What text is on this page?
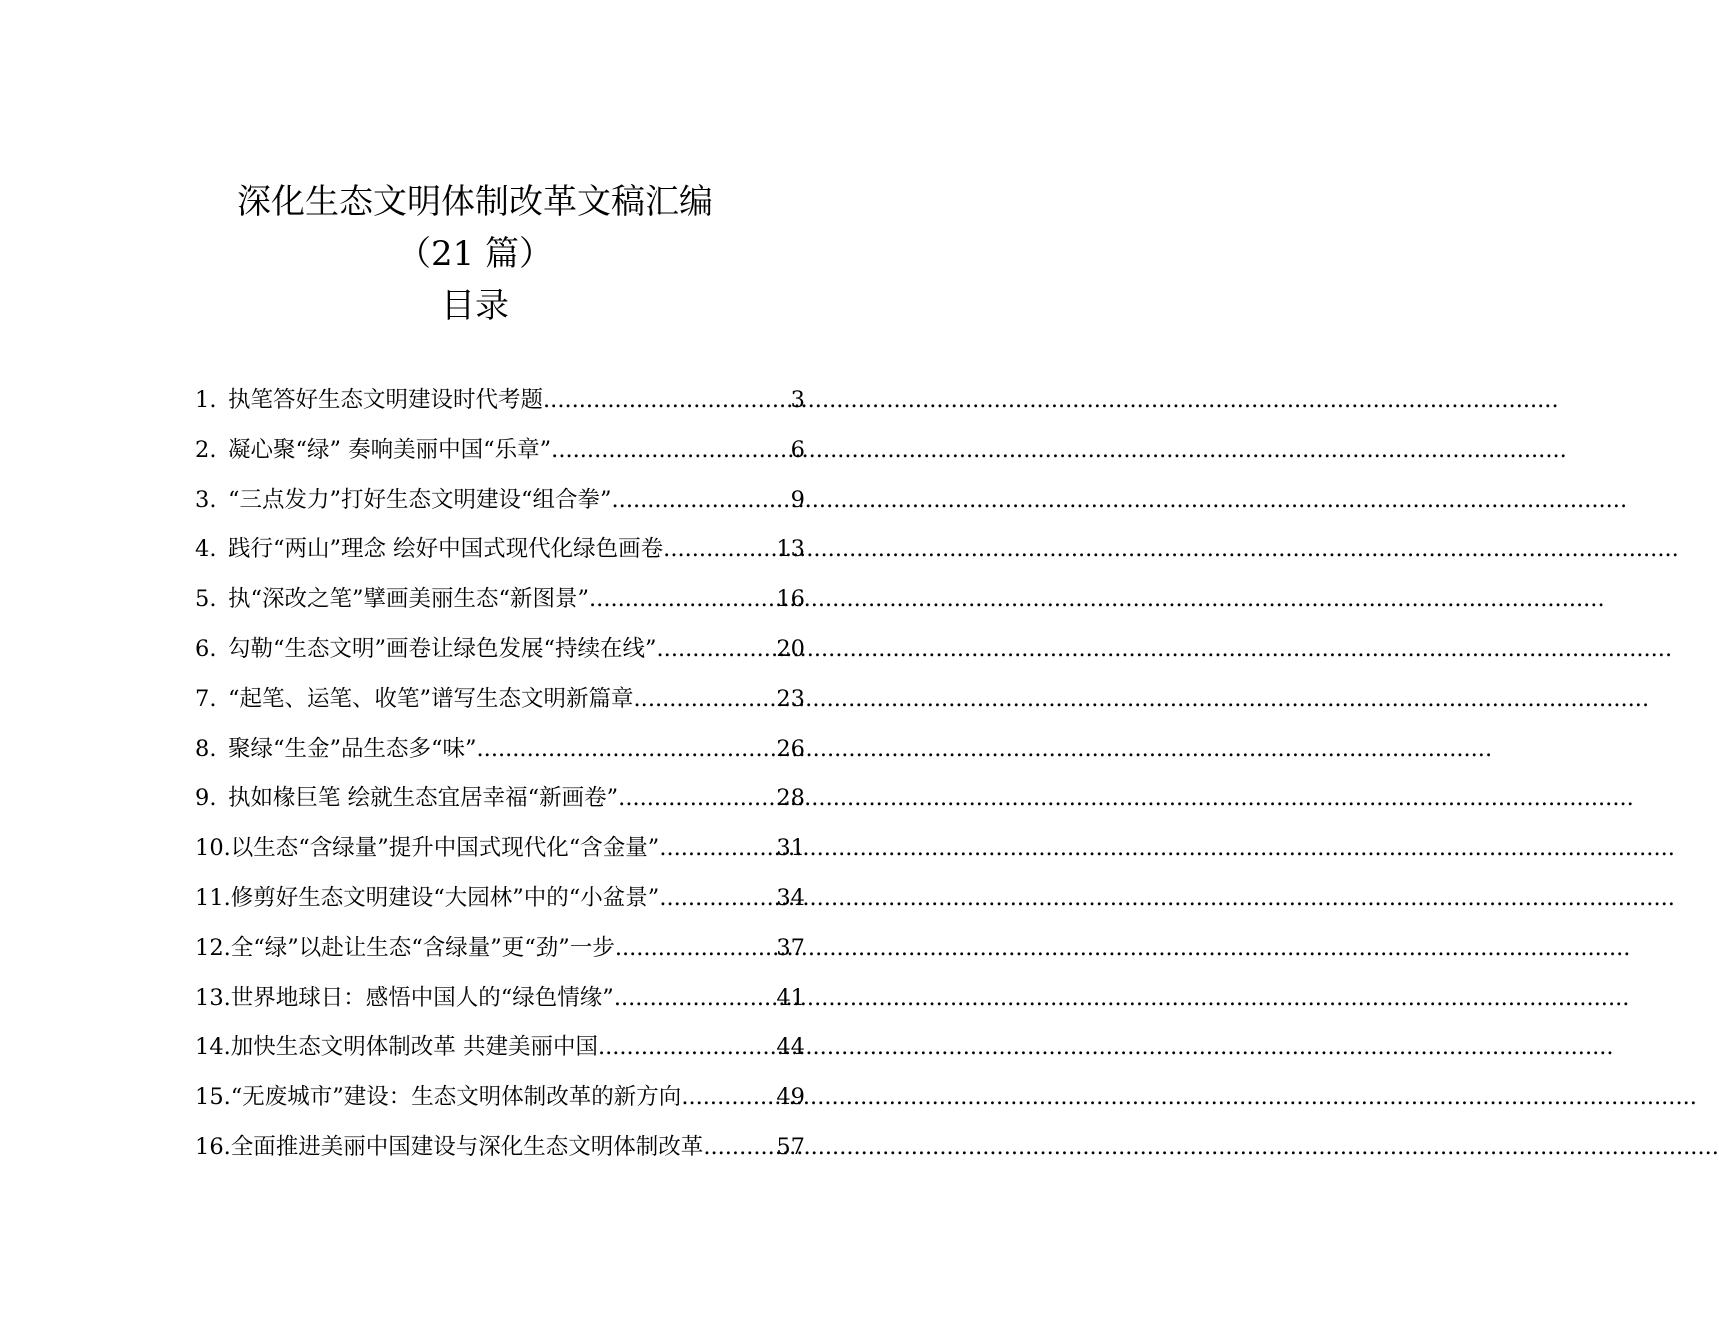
深化生态文明体制改革文稿汇编
（21 篇）
目录
1. 执笔答好生态文明建设时代考题 .....	3
2. 凝心聚“绿” 奏响美丽中国“乐章” .....	6
3. “三点发力”打好生态文明建设“组合拳” .....	9
4. 践行“两山”理念 绘好中国式现代化绿色画卷 .....	13
5. 执“深改之笔”擘画美丽生态“新图景” .....	16
6. 勾勒“生态文明”画卷让绿色发展“持续在线” .....	20
7. “起笔、运笔、收笔”谱写生态文明新篇章 .....	23
8. 聚绿“生金”品生态多“味” .....	26
9. 执如椽巨笔 绘就生态宜居幸福“新画卷” .....	28
10. 以生态“含绿量”提升中国式现代化“含金量” .....	31
11. 修剪好生态文明建设“大园林”中的“小盆景” .....	34
12. 全“绿”以赴让生态“含绿量”更“劲”一步 .....	37
13. 世界地球日：感悟中国人的“绿色情缘” .....	41
14. 加快生态文明体制改革 共建美丽中国 .....	44
15. “无废城市”建设：生态文明体制改革的新方向 .....	49
16. 全面推进美丽中国建设与深化生态文明体制改革 .....	57
